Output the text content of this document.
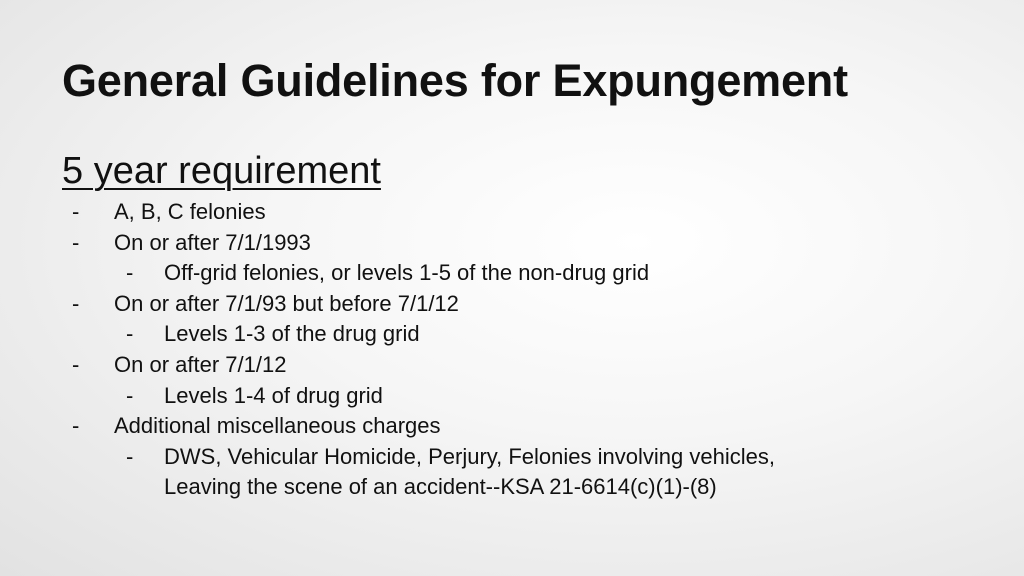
General Guidelines for Expungement
5 year requirement
- A, B, C felonies
- On or after 7/1/1993
- Off-grid felonies, or levels 1-5 of the non-drug grid
- On or after 7/1/93 but before 7/1/12
- Levels 1-3 of the drug grid
- On or after 7/1/12
- Levels 1-4 of drug grid
- Additional miscellaneous charges
- DWS, Vehicular Homicide, Perjury, Felonies involving vehicles,
Leaving the scene of an accident--KSA 21-6614(c)(1)-(8)
